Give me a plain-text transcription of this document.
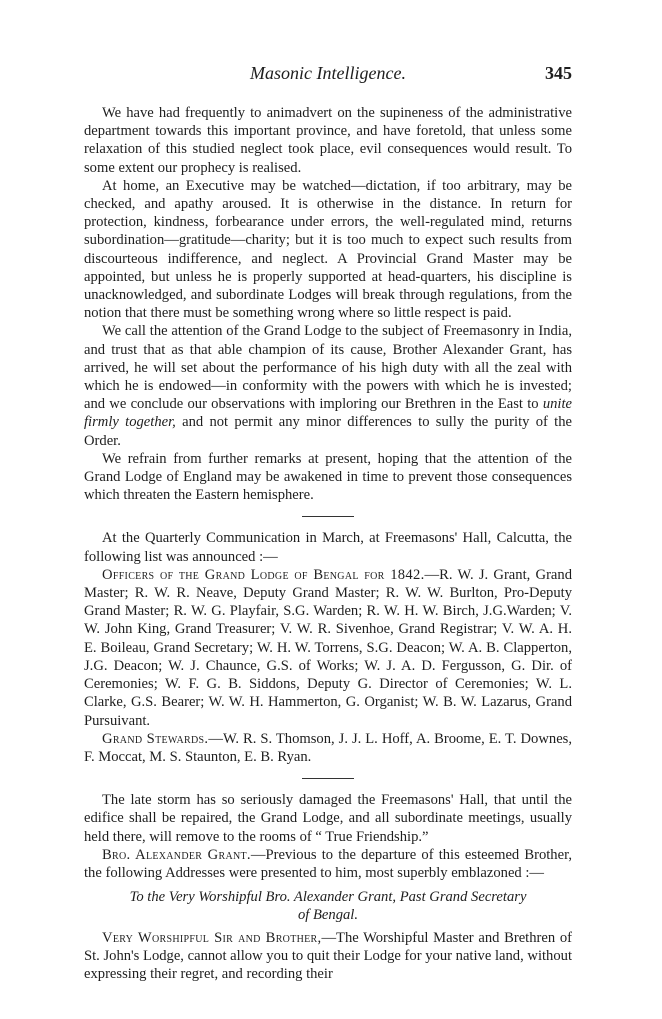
Masonic Intelligence.	345

We have had frequently to animadvert on the supineness of the administrative department towards this important province, and have foretold, that unless some relaxation of this studied neglect took place, evil consequences would result. To some extent our prophecy is realised.

At home, an Executive may be watched—dictation, if too arbitrary, may be checked, and apathy aroused. It is otherwise in the distance. In return for protection, kindness, forbearance under errors, the well-regulated mind, returns subordination—gratitude—charity; but it is too much to expect such results from discourteous indifference, and neglect. A Provincial Grand Master may be appointed, but unless he is properly supported at head-quarters, his discipline is unacknowledged, and subordinate Lodges will break through regulations, from the notion that there must be something wrong where so little respect is paid.

We call the attention of the Grand Lodge to the subject of Freemasonry in India, and trust that as that able champion of its cause, Brother Alexander Grant, has arrived, he will set about the performance of his high duty with all the zeal with which he is endowed—in conformity with the powers with which he is invested; and we conclude our observations with imploring our Brethren in the East to unite firmly together, and not permit any minor differences to sully the purity of the Order.

We refrain from further remarks at present, hoping that the attention of the Grand Lodge of England may be awakened in time to prevent those consequences which threaten the Eastern hemisphere.

At the Quarterly Communication in March, at Freemasons' Hall, Calcutta, the following list was announced :—

Officers of the Grand Lodge of Bengal for 1842.—R. W. J. Grant, Grand Master; R. W. R. Neave, Deputy Grand Master; R. W. W. Burlton, Pro-Deputy Grand Master; R. W. G. Playfair, S.G. Warden; R. W. H. W. Birch, J.G.Warden; V. W. John King, Grand Treasurer; V. W. R. Sivenhoe, Grand Registrar; V. W. A. H. E. Boileau, Grand Secretary; W. H. W. Torrens, S.G. Deacon; W. A. B. Clapperton, J.G. Deacon; W. J. Chaunce, G.S. of Works; W. J. A. D. Fergusson, G. Dir. of Ceremonies; W. F. G. B. Siddons, Deputy G. Director of Ceremonies; W. L. Clarke, G.S. Bearer; W. W. H. Hammerton, G. Organist; W. B. W. Lazarus, Grand Pursuivant.

Grand Stewards.—W. R. S. Thomson, J. J. L. Hoff, A. Broome, E. T. Downes, F. Moccat, M. S. Staunton, E. B. Ryan.

The late storm has so seriously damaged the Freemasons' Hall, that until the edifice shall be repaired, the Grand Lodge, and all subordinate meetings, usually held there, will remove to the rooms of “ True Friendship.”

Bro. Alexander Grant.—Previous to the departure of this esteemed Brother, the following Addresses were presented to him, most superbly emblazoned :—

To the Very Worshipful Bro. Alexander Grant, Past Grand Secretary
of Bengal.

Very Worshipful Sir and Brother,—The Worshipful Master and Brethren of St. John's Lodge, cannot allow you to quit their Lodge for your native land, without expressing their regret, and recording their
